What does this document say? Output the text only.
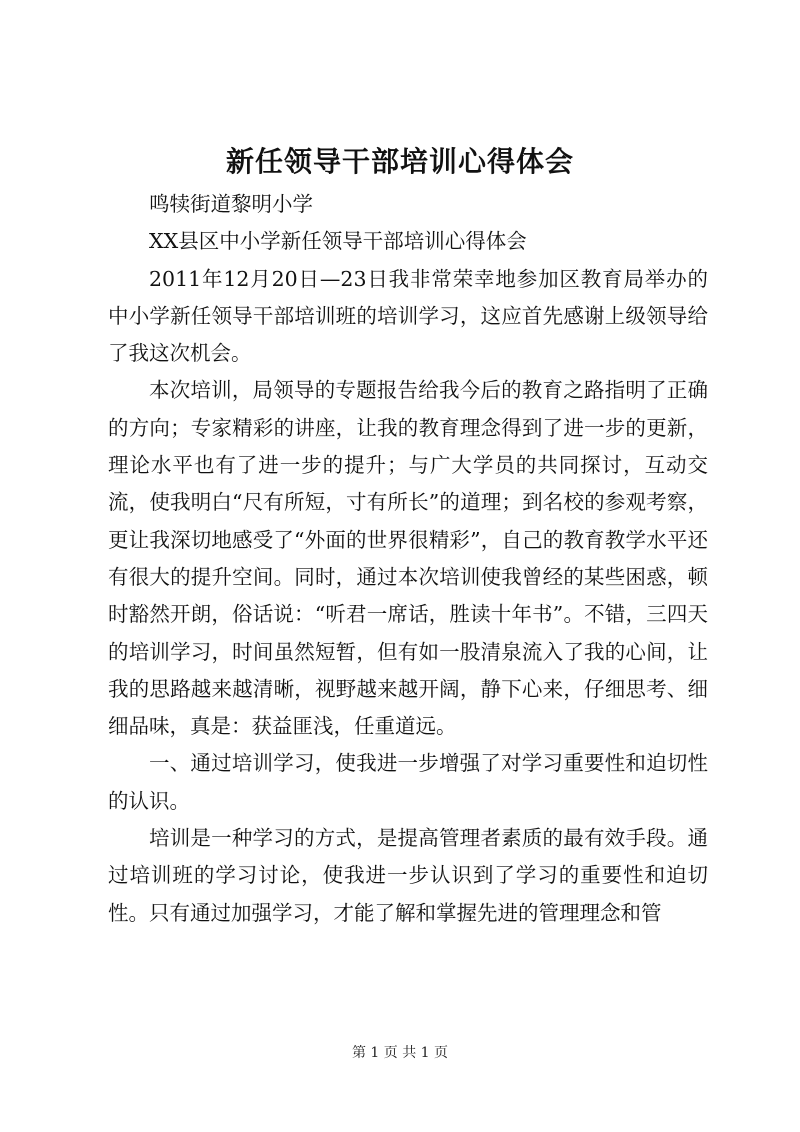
新任领导干部培训心得体会

鸣犊街道黎明小学

XX县区中小学新任领导干部培训心得体会

2011年12月20日—23日我非常荣幸地参加区教育局举办的中小学新任领导干部培训班的培训学习，这应首先感谢上级领导给了我这次机会。

本次培训，局领导的专题报告给我今后的教育之路指明了正确的方向；专家精彩的讲座，让我的教育理念得到了进一步的更新，理论水平也有了进一步的提升；与广大学员的共同探讨，互动交流，使我明白“尺有所短，寸有所长”的道理；到名校的参观考察，更让我深切地感受了“外面的世界很精彩”，自己的教育教学水平还有很大的提升空间。同时，通过本次培训使我曾经的某些困惑，顿时豁然开朗，俗话说：“听君一席话，胜读十年书”。不错，三四天的培训学习，时间虽然短暂，但有如一股清泉流入了我的心间，让我的思路越来越清晰，视野越来越开阔，静下心来，仔细思考、细细品味，真是：获益匪浅，任重道远。

一、通过培训学习，使我进一步增强了对学习重要性和迫切性的认识。

培训是一种学习的方式，是提高管理者素质的最有效手段。通过培训班的学习讨论，使我进一步认识到了学习的重要性和迫切性。只有通过加强学习，才能了解和掌握先进的管理理念和管

第 1 页 共 1 页
